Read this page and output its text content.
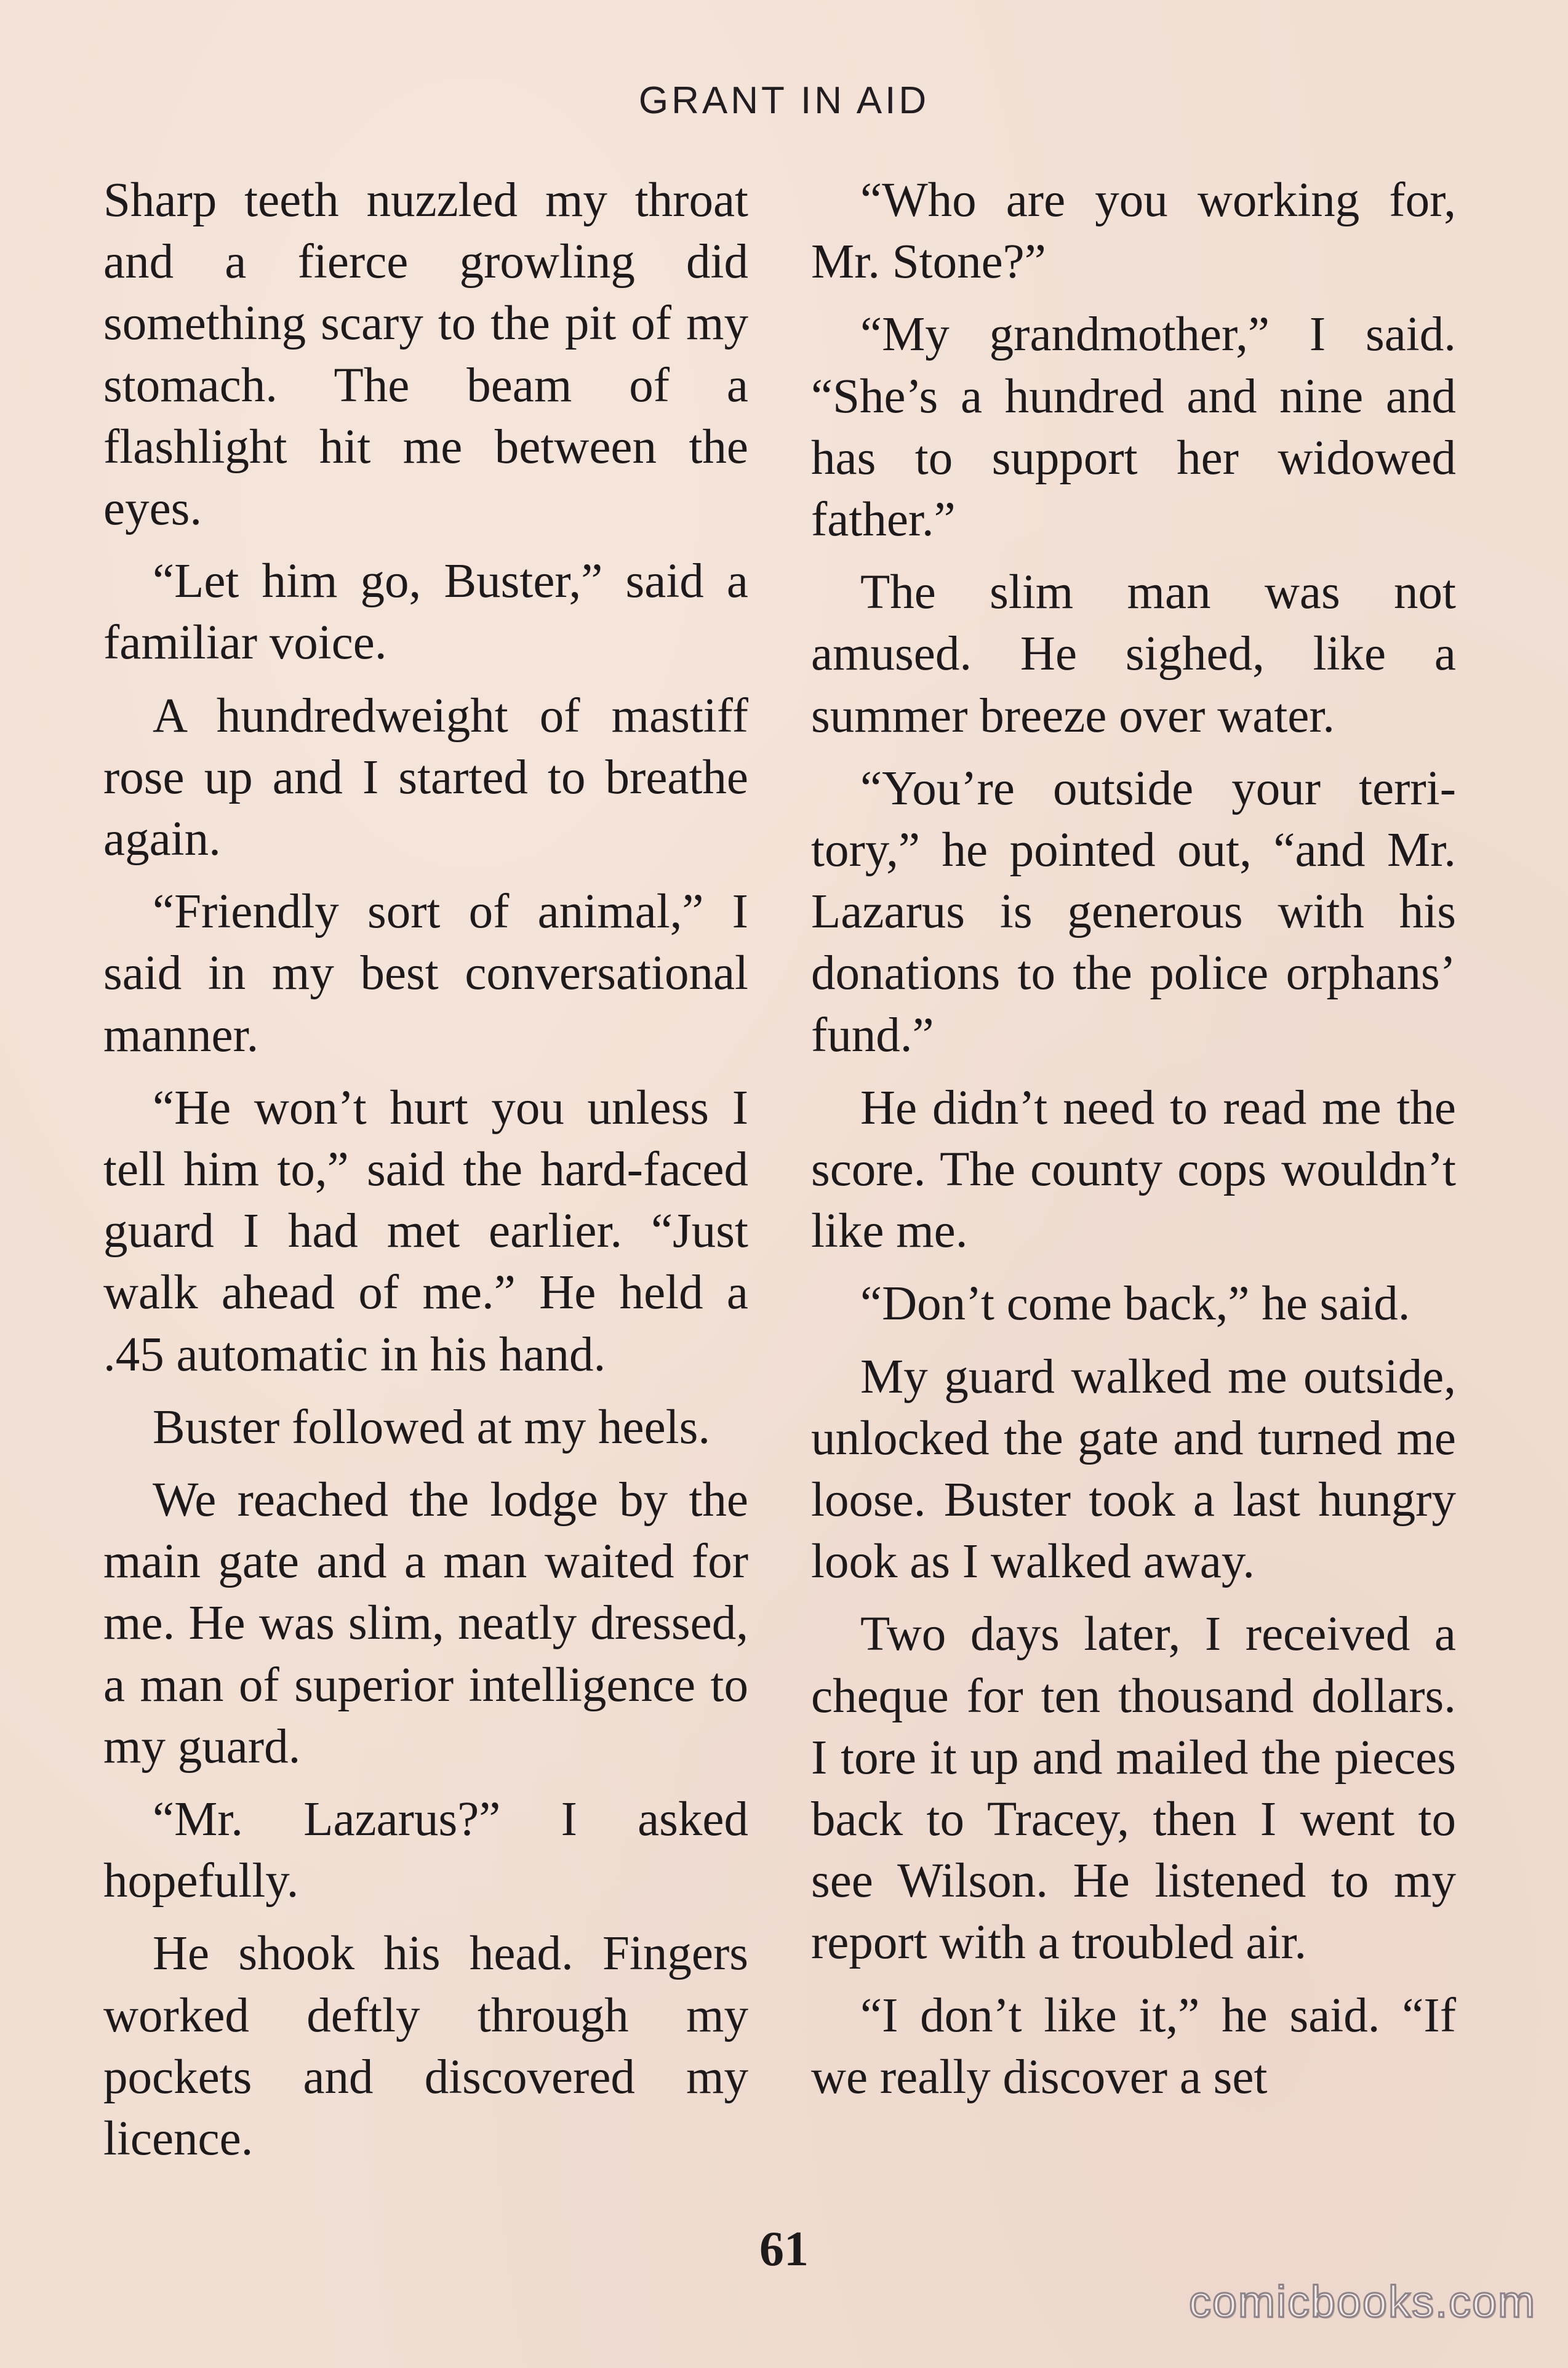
GRANT IN AID

Sharp teeth nuzzled my throat and a fierce growling did something scary to the pit of my stomach. The beam of a flashlight hit me between the eyes.

“Let him go, Buster,” said a familiar voice.

A hundredweight of mastiff rose up and I started to breathe again.

“Friendly sort of animal,” I said in my best conversational manner.

“He won’t hurt you unless I tell him to,” said the hard-faced guard I had met earlier. “Just walk ahead of me.” He held a .45 automatic in his hand.

Buster followed at my heels.

We reached the lodge by the main gate and a man waited for me. He was slim, neatly dressed, a man of superior intelligence to my guard.

“Mr. Lazarus?” I asked hopefully.

He shook his head. Fingers worked deftly through my pockets and discovered my licence.

“Who are you working for, Mr. Stone?”

“My grandmother,” I said. “She’s a hundred and nine and has to support her widowed father.”

The slim man was not amused. He sighed, like a summer breeze over water.

“You’re outside your territory,” he pointed out, “and Mr. Lazarus is generous with his donations to the police orphans’ fund.”

He didn’t need to read me the score. The county cops wouldn’t like me.

“Don’t come back,” he said.

My guard walked me outside, unlocked the gate and turned me loose. Buster took a last hungry look as I walked away.

Two days later, I received a cheque for ten thousand dollars. I tore it up and mailed the pieces back to Tracey, then I went to see Wilson. He listened to my report with a troubled air.

“I don’t like it,” he said. “If we really discover a set

61
comicbooks.com
